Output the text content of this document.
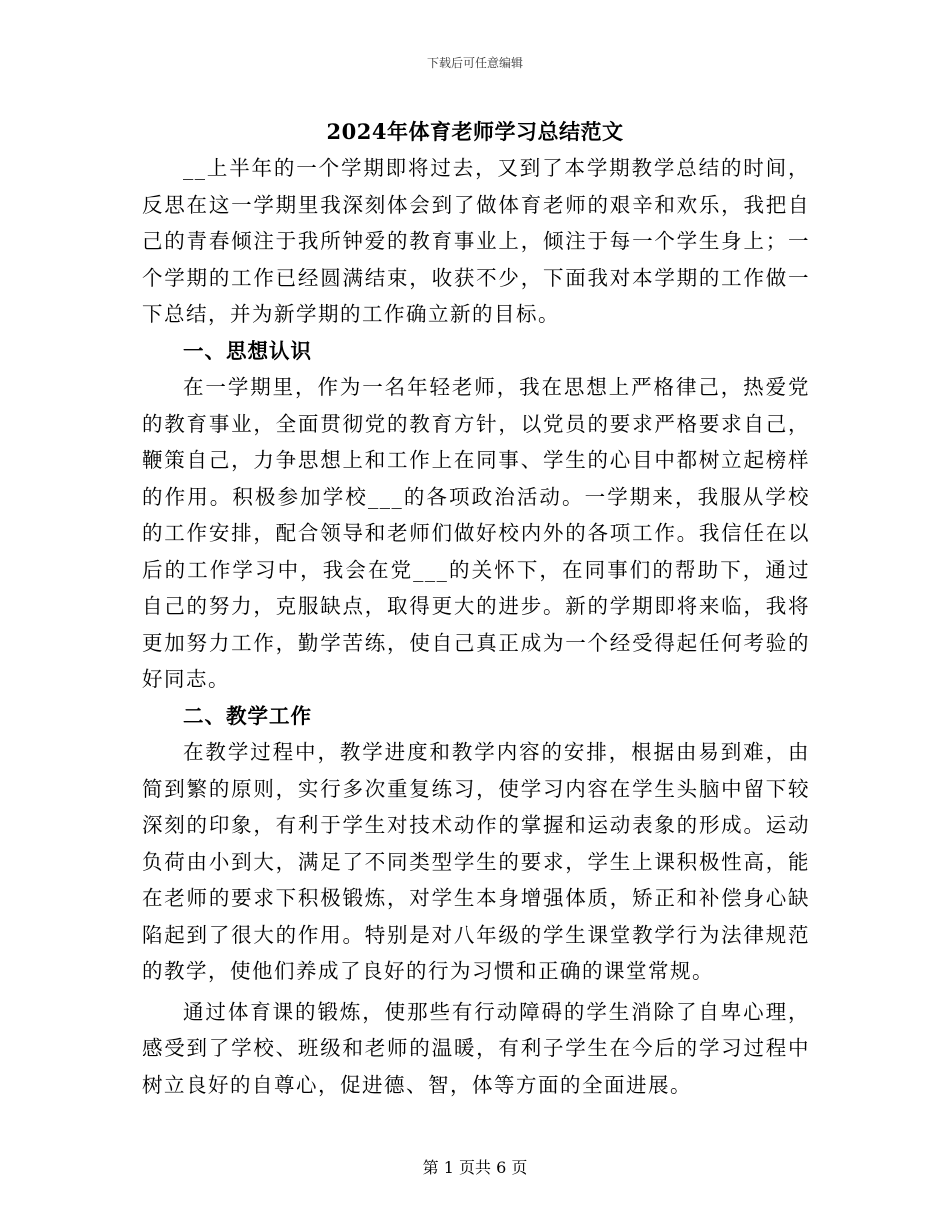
下载后可任意编辑
2024年体育老师学习总结范文

__上半年的一个学期即将过去，又到了本学期教学总结的时间，反思在这一学期里我深刻体会到了做体育老师的艰辛和欢乐，我把自己的青春倾注于我所钟爱的教育事业上，倾注于每一个学生身上；一个学期的工作已经圆满结束，收获不少，下面我对本学期的工作做一下总结，并为新学期的工作确立新的目标。

一、思想认识

在一学期里，作为一名年轻老师，我在思想上严格律己，热爱党的教育事业，全面贯彻党的教育方针，以党员的要求严格要求自己，鞭策自己，力争思想上和工作上在同事、学生的心目中都树立起榜样的作用。积极参加学校___的各项政治活动。一学期来，我服从学校的工作安排，配合领导和老师们做好校内外的各项工作。我信任在以后的工作学习中，我会在党___的关怀下，在同事们的帮助下，通过自己的努力，克服缺点，取得更大的进步。新的学期即将来临，我将更加努力工作，勤学苦练，使自己真正成为一个经受得起任何考验的好同志。

二、教学工作

在教学过程中，教学进度和教学内容的安排，根据由易到难，由简到繁的原则，实行多次重复练习，使学习内容在学生头脑中留下较深刻的印象，有利于学生对技术动作的掌握和运动表象的形成。运动负荷由小到大，满足了不同类型学生的要求，学生上课积极性高，能在老师的要求下积极锻炼，对学生本身增强体质，矫正和补偿身心缺陷起到了很大的作用。特别是对八年级的学生课堂教学行为法律规范的教学，使他们养成了良好的行为习惯和正确的课堂常规。

通过体育课的锻炼，使那些有行动障碍的学生消除了自卑心理，感受到了学校、班级和老师的温暖，有利子学生在今后的学习过程中树立良好的自尊心，促进德、智，体等方面的全面进展。

第 1 页共 6 页
